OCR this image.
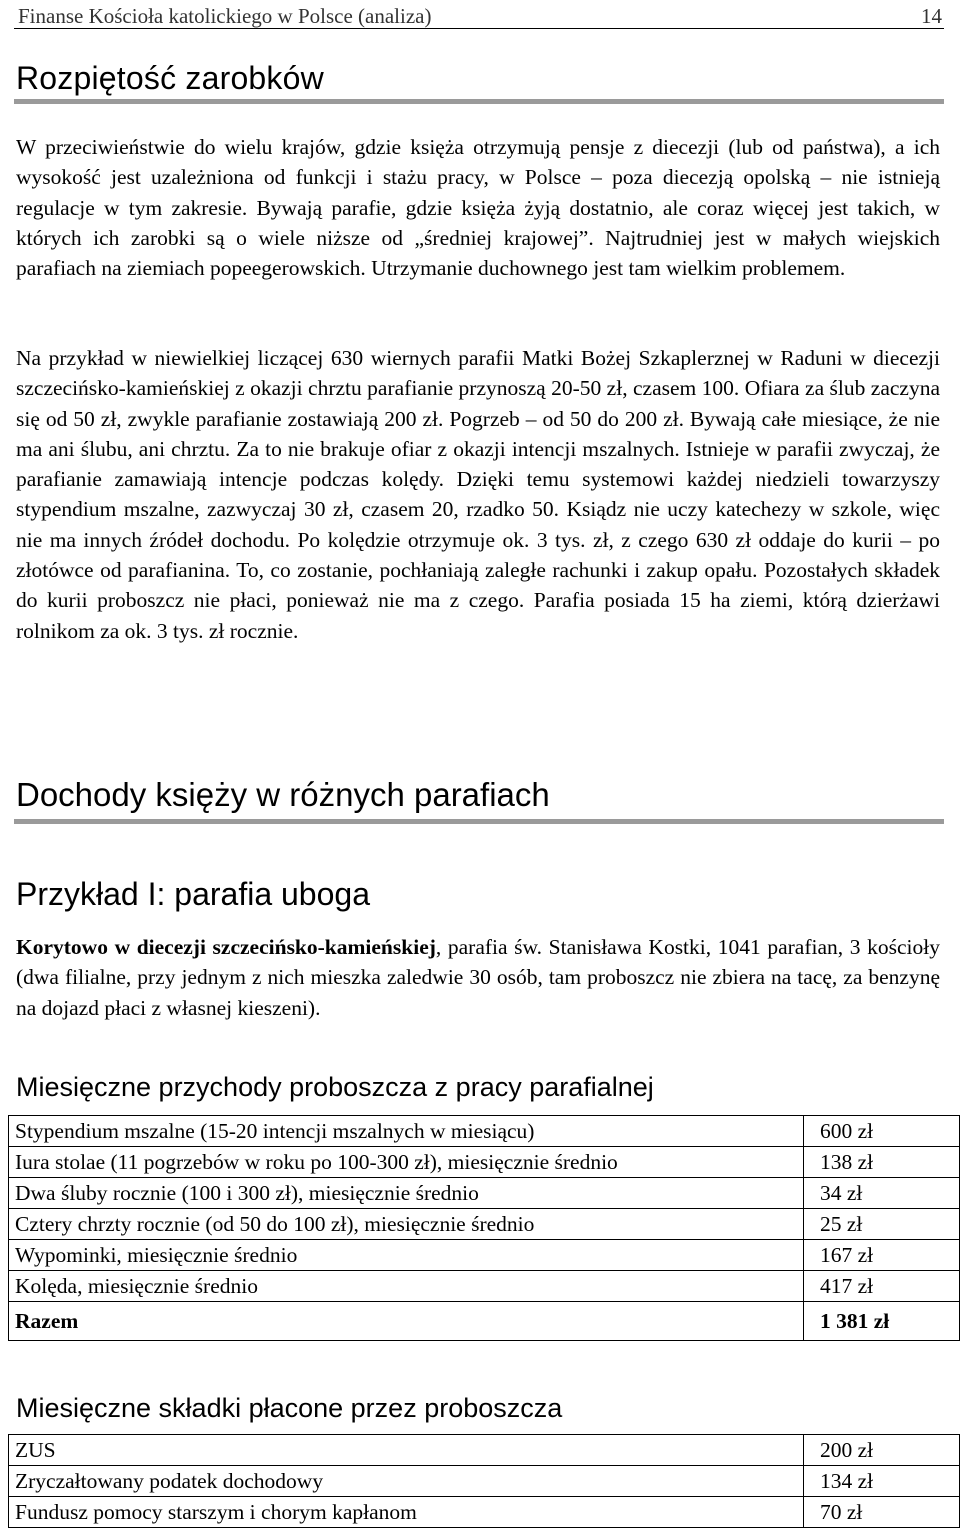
Finanse Kościoła katolickiego w Polsce (analiza)	14
Rozpiętość zarobków

W przeciwieństwie do wielu krajów, gdzie księża otrzymują pensje z diecezji (lub od państwa), a ich wysokość jest uzależniona od funkcji i stażu pracy, w Polsce – poza diecezją opolską – nie istnieją regulacje w tym zakresie. Bywają parafie, gdzie księża żyją dostatnio, ale coraz więcej jest takich, w których ich zarobki są o wiele niższe od „średniej krajowej”. Najtrudniej jest w małych wiejskich parafiach na ziemiach popeegerowskich. Utrzymanie duchownego jest tam wielkim problemem.

Na przykład w niewielkiej liczącej 630 wiernych parafii Matki Bożej Szkaplerznej w Raduni w diecezji szczecińsko-kamieńskiej z okazji chrztu parafianie przynoszą 20-50 zł, czasem 100. Ofiara za ślub zaczyna się od 50 zł, zwykle parafianie zostawiają 200 zł. Pogrzeb – od 50 do 200 zł. Bywają całe miesiące, że nie ma ani ślubu, ani chrztu. Za to nie brakuje ofiar z okazji intencji mszalnych. Istnieje w parafii zwyczaj, że parafianie zamawiają intencje podczas kolędy. Dzięki temu systemowi każdej niedzieli towarzyszy stypendium mszalne, zazwyczaj 30 zł, czasem 20, rzadko 50. Ksiądz nie uczy katechezy w szkole, więc nie ma innych źródeł dochodu. Po kolędzie otrzymuje ok. 3 tys. zł, z czego 630 zł oddaje do kurii – po złotówce od parafianina. To, co zostanie, pochłaniają zaległe rachunki i zakup opału. Pozostałych składek do kurii proboszcz nie płaci, ponieważ nie ma z czego. Parafia posiada 15 ha ziemi, którą dzierżawi rolnikom za ok. 3 tys. zł rocznie.

Dochody księży w różnych parafiach
Przykład I: parafia uboga

Korytowo w diecezji szczecińsko-kamieńskiej, parafia św. Stanisława Kostki, 1041 parafian, 3 kościoły (dwa filialne, przy jednym z nich mieszka zaledwie 30 osób, tam proboszcz nie zbiera na tacę, za benzynę na dojazd płaci z własnej kieszeni).

Miesięczne przychody proboszcza z pracy parafialnej
Stypendium mszalne (15-20 intencji mszalnych w miesiącu)	600 zł
Iura stolae (11 pogrzebów w roku po 100-300 zł), miesięcznie średnio	138 zł
Dwa śluby rocznie (100 i 300 zł), miesięcznie średnio	34 zł
Cztery chrzty rocznie (od 50 do 100 zł), miesięcznie średnio	25 zł
Wypominki, miesięcznie średnio	167 zł
Kolęda, miesięcznie średnio	417 zł
Razem	1 381 zł
Miesięczne składki płacone przez proboszcza
ZUS	200 zł
Zryczałtowany podatek dochodowy	134 zł
Fundusz pomocy starszym i chorym kapłanom	70 zł
